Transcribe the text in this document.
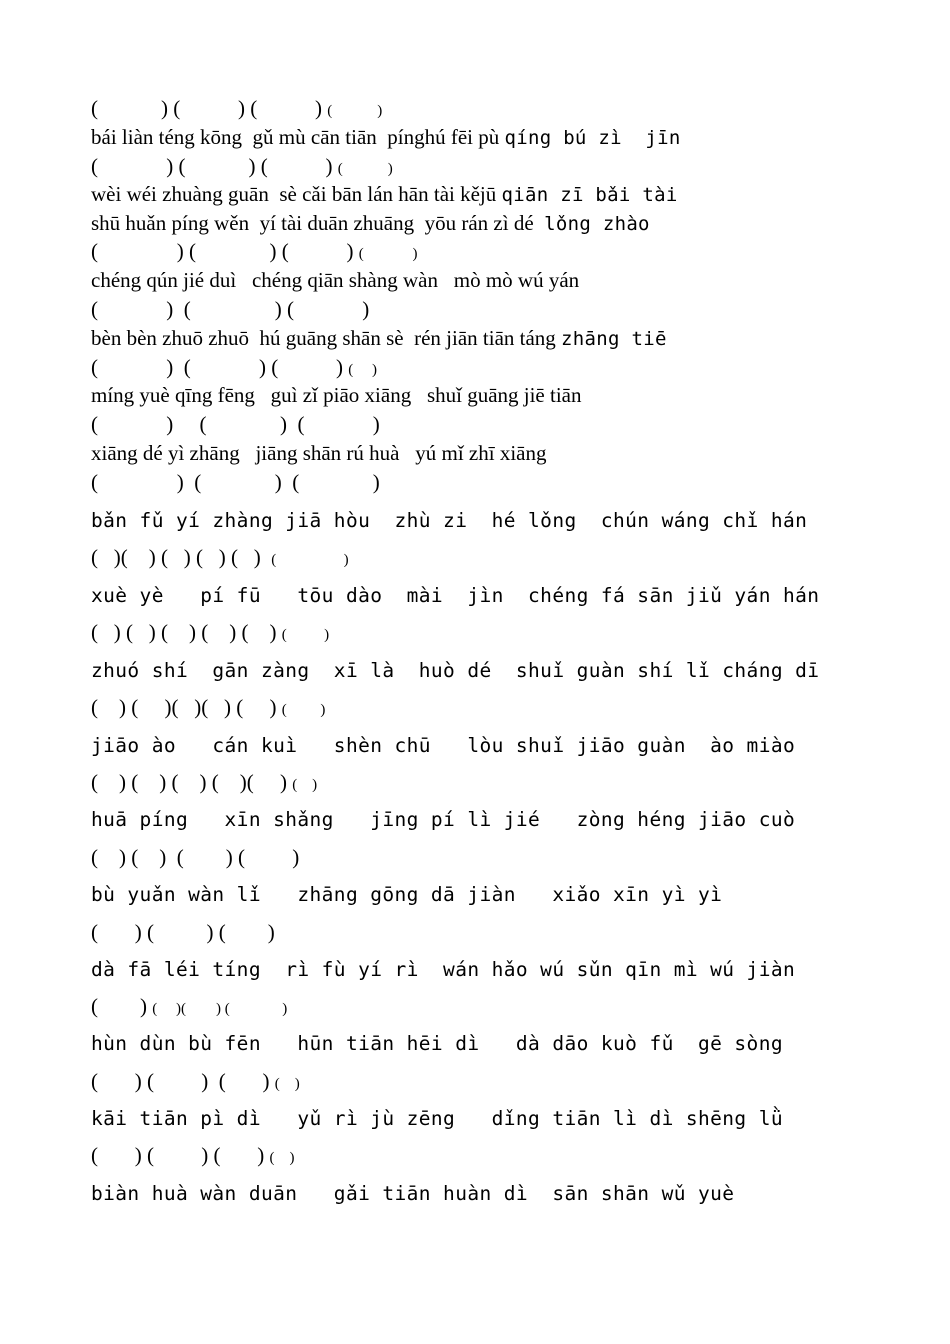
(            ) (           ) (           ) (            )
bái liàn téng kōng  gǔ mù cān tiān  pínghú fēi pù qíng bú zì  jīn
(             ) (            ) (           ) (            )
wèi wéi zhuàng guān  sè cǎi bān lán hān tài kějū qiān zī bǎi tài
shū huǎn píng wěn  yí tài duān zhuāng  yōu rán zì dé  lǒng zhào
(               ) (              ) (           ) (             )
chéng qún jié duì   chéng qiān shàng wàn   mò mò wú yán
(             )  (                ) (             )
bèn bèn zhuō zhuō  hú guāng shān sè  rén jiān tiān táng zhāng tiē
(             )  (             ) (           ) (     )
míng yuè qīng fēng   guì zǐ piāo xiāng   shuǐ guāng jiē tiān
(             )     (              )  (             )
xiāng dé yì zhāng   jiāng shān rú huà   yú mǐ zhī xiāng
(               )  (              )  (              )
bǎn fǔ yí zhàng jiā hòu  zhù zi  hé lǒng  chún wáng chǐ hán
(   )(    ) (   ) (   ) (   )  (                  )
xuè yè   pí fū   tōu dào  mài  jìn  chéng fá sān jiǔ yán hán
(   ) (   ) (    ) (    ) (    ) (          )
zhuó shí  gān zàng  xī là  huò dé  shuǐ guàn shí lǐ cháng dī
(    ) (     )(   )(   ) (     ) (         )
jiāo ào   cán kuì   shèn chū   lòu shuǐ jiāo guàn  ào miào
(    ) (    ) (    ) (    )(     ) (    )
huā píng   xīn shǎng   jīng pí lì jié   zòng héng jiāo cuò
(    ) (    )  (        ) (         )
bù yuǎn wàn lǐ   zhāng gōng dā jiàn   xiǎo xīn yì yì
(       ) (          ) (        )
dà fā léi tíng  rì fù yí rì  wán hǎo wú sǔn qīn mì wú jiàn
(        ) (     )(        ) (              )
hùn dùn bù fēn   hūn tiān hēi dì   dà dāo kuò fǔ  gē sòng
(       ) (         )  (       ) (    )
kāi tiān pì dì   yǔ rì jù zēng   dǐng tiān lì dì shēng lǜ
(       ) (         ) (       ) (    )
biàn huà wàn duān   gǎi tiān huàn dì  sān shān wǔ yuè
